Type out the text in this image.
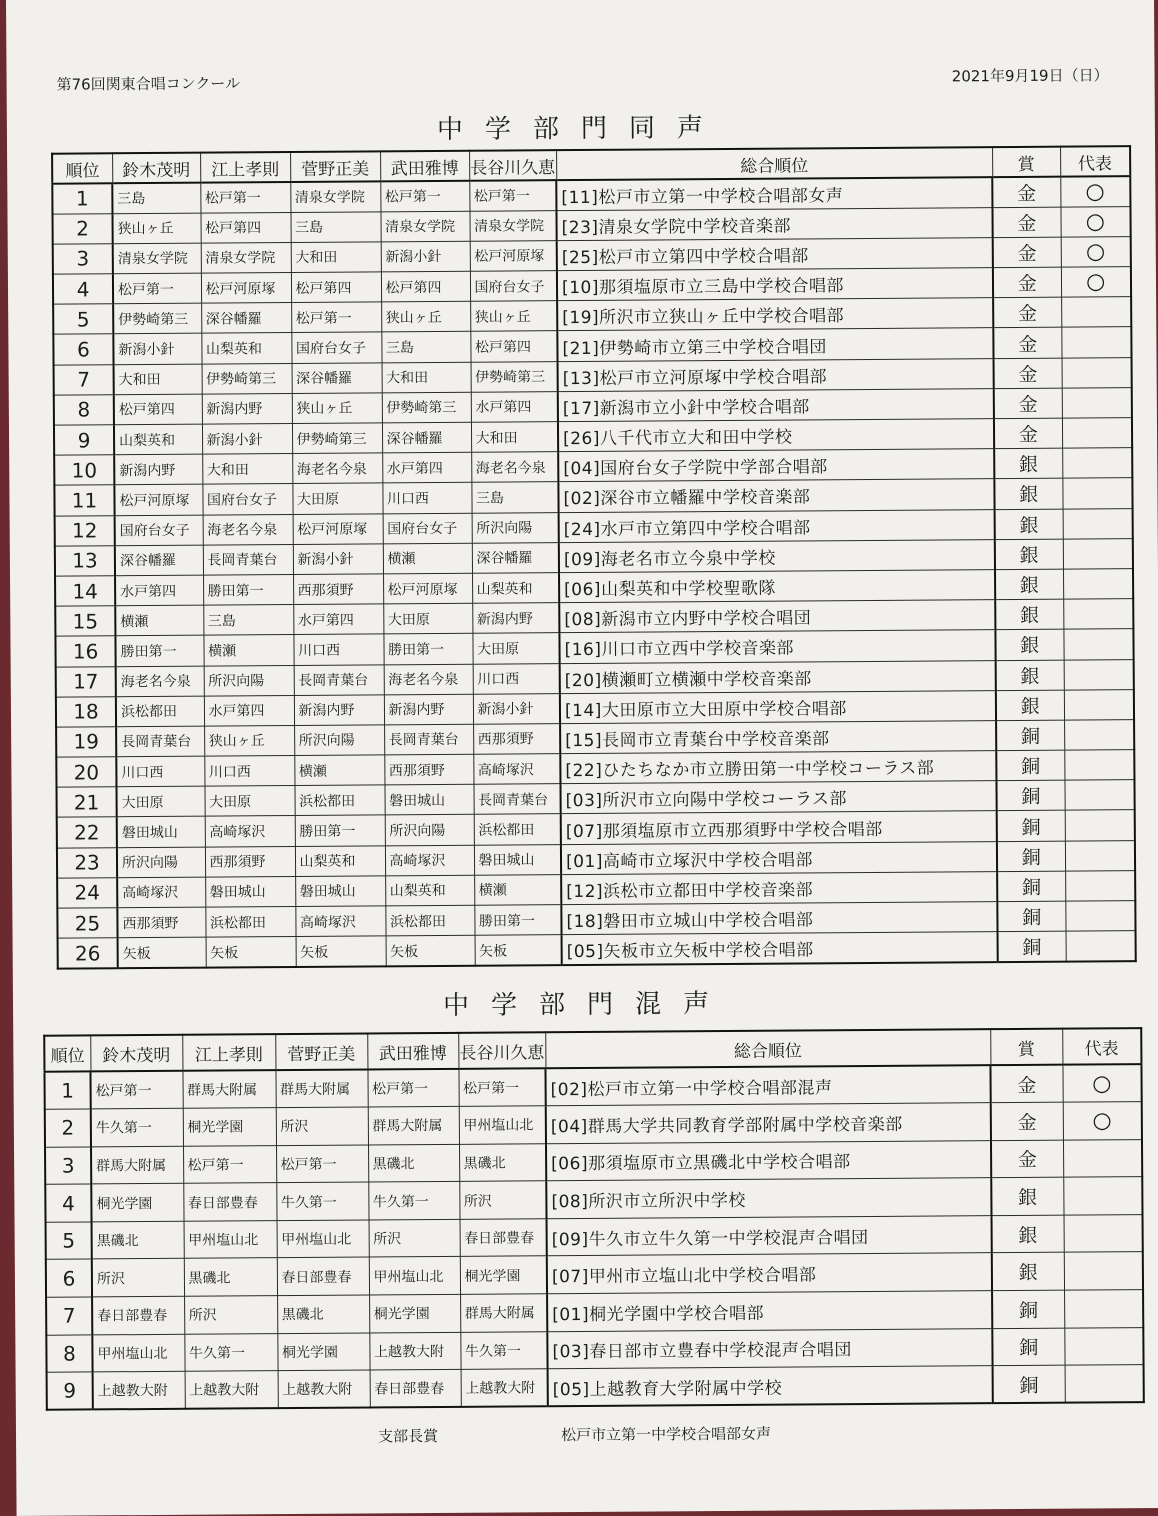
第76回関東合唱コンクール	2021年9月19日（日）
中学部門同声
順位	鈴木茂明	江上孝則	菅野正美	武田雅博	長谷川久恵	総合順位	賞	代表
1	三島	松戸第一	清泉女学院	松戸第一	松戸第一	[11]松戸市立第一中学校合唱部女声	金	○
2	狭山ヶ丘	松戸第四	三島	清泉女学院	清泉女学院	[23]清泉女学院中学校音楽部	金	○
3	清泉女学院	清泉女学院	大和田	新潟小針	松戸河原塚	[25]松戸市立第四中学校合唱部	金	○
4	松戸第一	松戸河原塚	松戸第四	松戸第四	国府台女子	[10]那須塩原市立三島中学校合唱部	金	○
5	伊勢崎第三	深谷幡羅	松戸第一	狭山ヶ丘	狭山ヶ丘	[19]所沢市立狭山ヶ丘中学校合唱部	金	
6	新潟小針	山梨英和	国府台女子	三島	松戸第四	[21]伊勢崎市立第三中学校合唱団	金	
7	大和田	伊勢崎第三	深谷幡羅	大和田	伊勢崎第三	[13]松戸市立河原塚中学校合唱部	金	
8	松戸第四	新潟内野	狭山ヶ丘	伊勢崎第三	水戸第四	[17]新潟市立小針中学校合唱部	金	
9	山梨英和	新潟小針	伊勢崎第三	深谷幡羅	大和田	[26]八千代市立大和田中学校	金	
10	新潟内野	大和田	海老名今泉	水戸第四	海老名今泉	[04]国府台女子学院中学部合唱部	銀	
11	松戸河原塚	国府台女子	大田原	川口西	三島	[02]深谷市立幡羅中学校音楽部	銀	
12	国府台女子	海老名今泉	松戸河原塚	国府台女子	所沢向陽	[24]水戸市立第四中学校合唱部	銀	
13	深谷幡羅	長岡青葉台	新潟小針	横瀬	深谷幡羅	[09]海老名市立今泉中学校	銀	
14	水戸第四	勝田第一	西那須野	松戸河原塚	山梨英和	[06]山梨英和中学校聖歌隊	銀	
15	横瀬	三島	水戸第四	大田原	新潟内野	[08]新潟市立内野中学校合唱団	銀	
16	勝田第一	横瀬	川口西	勝田第一	大田原	[16]川口市立西中学校音楽部	銀	
17	海老名今泉	所沢向陽	長岡青葉台	海老名今泉	川口西	[20]横瀬町立横瀬中学校音楽部	銀	
18	浜松都田	水戸第四	新潟内野	新潟内野	新潟小針	[14]大田原市立大田原中学校合唱部	銀	
19	長岡青葉台	狭山ヶ丘	所沢向陽	長岡青葉台	西那須野	[15]長岡市立青葉台中学校音楽部	銅	
20	川口西	川口西	横瀬	西那須野	高崎塚沢	[22]ひたちなか市立勝田第一中学校コーラス部	銅	
21	大田原	大田原	浜松都田	磐田城山	長岡青葉台	[03]所沢市立向陽中学校コーラス部	銅	
22	磐田城山	高崎塚沢	勝田第一	所沢向陽	浜松都田	[07]那須塩原市立西那須野中学校合唱部	銅	
23	所沢向陽	西那須野	山梨英和	高崎塚沢	磐田城山	[01]高崎市立塚沢中学校合唱部	銅	
24	高崎塚沢	磐田城山	磐田城山	山梨英和	横瀬	[12]浜松市立都田中学校音楽部	銅	
25	西那須野	浜松都田	高崎塚沢	浜松都田	勝田第一	[18]磐田市立城山中学校合唱部	銅	
26	矢板	矢板	矢板	矢板	矢板	[05]矢板市立矢板中学校合唱部	銅	
中学部門混声
順位	鈴木茂明	江上孝則	菅野正美	武田雅博	長谷川久恵	総合順位	賞	代表
1	松戸第一	群馬大附属	群馬大附属	松戸第一	松戸第一	[02]松戸市立第一中学校合唱部混声	金	○
2	牛久第一	桐光学園	所沢	群馬大附属	甲州塩山北	[04]群馬大学共同教育学部附属中学校音楽部	金	○
3	群馬大附属	松戸第一	松戸第一	黒磯北	黒磯北	[06]那須塩原市立黒磯北中学校合唱部	金	
4	桐光学園	春日部豊春	牛久第一	牛久第一	所沢	[08]所沢市立所沢中学校	銀	
5	黒磯北	甲州塩山北	甲州塩山北	所沢	春日部豊春	[09]牛久市立牛久第一中学校混声合唱団	銀	
6	所沢	黒磯北	春日部豊春	甲州塩山北	桐光学園	[07]甲州市立塩山北中学校合唱部	銀	
7	春日部豊春	所沢	黒磯北	桐光学園	群馬大附属	[01]桐光学園中学校合唱部	銅	
8	甲州塩山北	牛久第一	桐光学園	上越教大附	牛久第一	[03]春日部市立豊春中学校混声合唱団	銅	
9	上越教大附	上越教大附	上越教大附	春日部豊春	上越教大附	[05]上越教育大学附属中学校	銅	
支部長賞	松戸市立第一中学校合唱部女声
